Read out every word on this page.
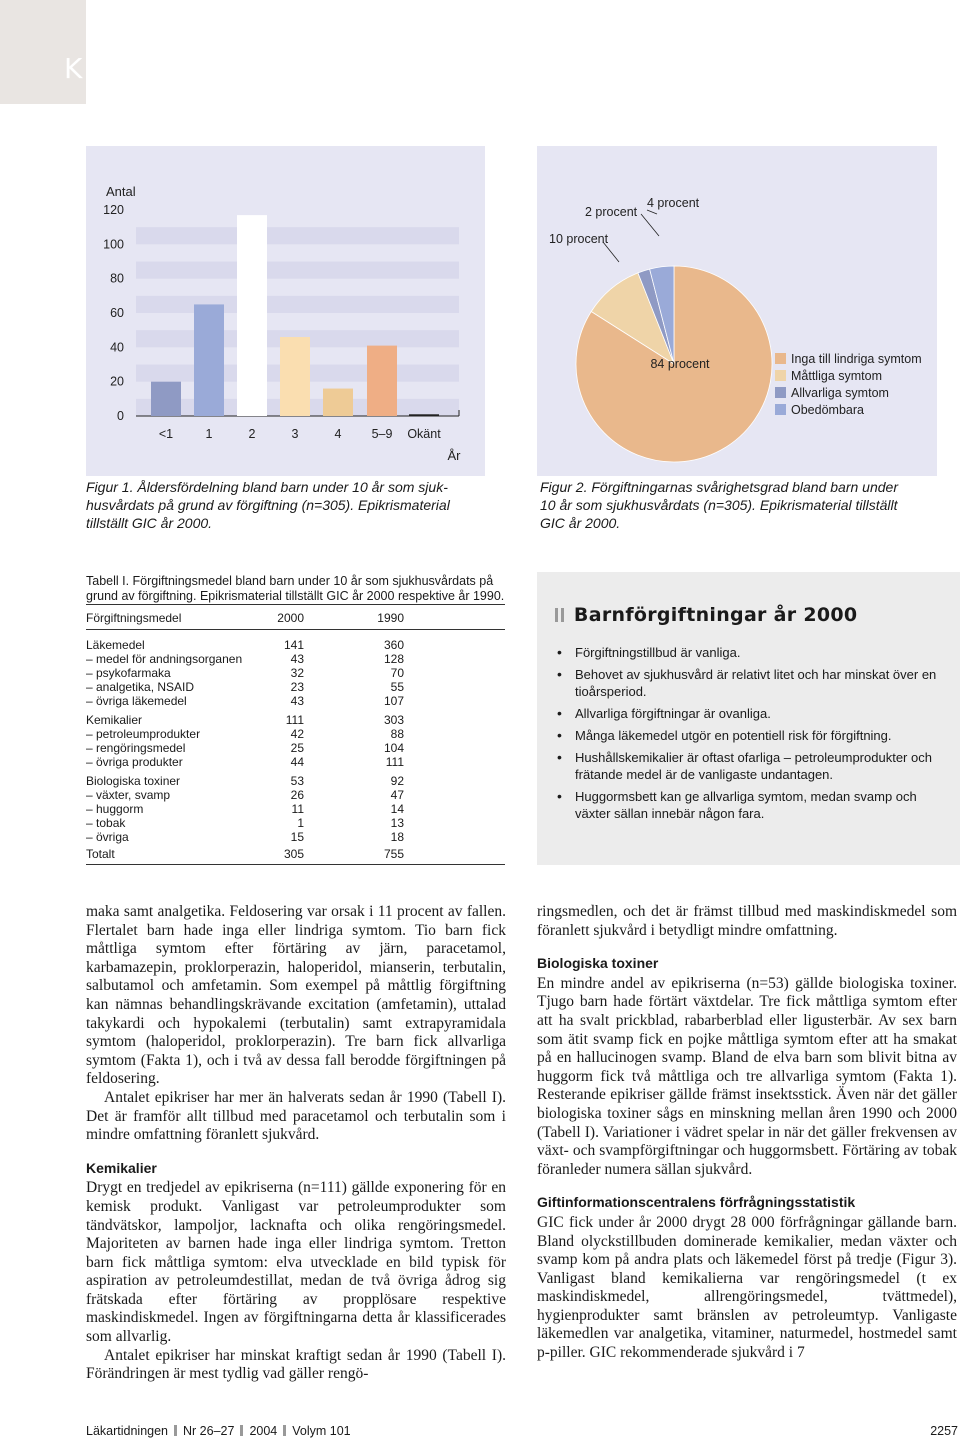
Klinik och vetenskap
Antal
0
20
40
60
80
100
120
<1	1	2	3	4 5–9 Okänt
År
Figur 1. Åldersfördelning bland barn under 10 år som sjuk-
husvårdats på grund av förgiftning (n=305). Epikrismaterial
tillställt GIC år 2000.
84 procent
10 procent
2 procent
4 procent
Inga till lindriga symtom
Måttliga symtom
Allvarliga symtom
Obedömbara
Figur 2. Förgiftningarnas svårighetsgrad bland barn under
10 år som sjukhusvårdats (n=305). Epikrismaterial tillställt
GIC år 2000.
Tabell I. Förgiftningsmedel bland barn under 10 år som sjukhusvårdats på
grund av förgiftning. Epikrismaterial tillställt GIC år 2000 respektive år 1990.
Förgiftningsmedel	2000	1990
Läkemedel	141	360
– medel för andningsorganen	43	128
– psykofarmaka	32	70
– analgetika, NSAID	23	55
– övriga läkemedel	43	107
Kemikalier	111	303
– petroleumprodukter	42	88
– rengöringsmedel	25	104
– övriga produkter	44	111
Biologiska toxiner	53	92
– växter, svamp	26	47
– huggorm	11	14
– tobak	1	13
– övriga	15	18
Totalt	305	755
Barnförgiftningar år 2000
• Förgiftningstillbud är vanliga.
• Behovet av sjukhusvård är relativt litet och har minskat över en tioårsperiod.
• Allvarliga förgiftningar är ovanliga.
• Många läkemedel utgör en potentiell risk för förgiftning.
• Hushållskemikalier är oftast ofarliga – petroleumprodukter och frätande medel är de vanligaste undantagen.
• Huggormsbett kan ge allvarliga symtom, medan svamp och växter sällan innebär någon fara.

maka samt analgetika. Feldosering var orsak i 11 procent av fallen. Flertalet barn hade inga eller lindriga symtom. Tio barn fick måttliga symtom efter förtäring av järn, paracetamol, karbamazepin, proklorperazin, haloperidol, mianserin, terbutalin, salbutamol och amfetamin. Som exempel på måttlig förgiftning kan nämnas behandlingskrävande excitation (amfetamin), uttalad takykardi och hypokalemi (terbutalin) samt extrapyramidala symtom (haloperidol, proklorperazin). Tre barn fick allvarliga symtom (Fakta 1), och i två av dessa fall berodde förgiftningen på feldosering.

Antalet epikriser har mer än halverats sedan år 1990 (Tabell I). Det är framför allt tillbud med paracetamol och terbutalin som i mindre omfattning föranlett sjukvård.

Kemikalier

Drygt en tredjedel av epikriserna (n=111) gällde exponering för en kemisk produkt. Vanligast var petroleumprodukter som tändvätskor, lampoljor, lacknafta och olika rengöringsmedel. Majoriteten av barnen hade inga eller lindriga symtom. Tretton barn fick måttliga symtom: elva utvecklade en bild typisk för aspiration av petroleumdestillat, medan de två övriga ådrog sig frätskada efter förtäring av propplösare respektive maskindiskmedel. Ingen av förgiftningarna detta år klassificerades som allvarlig.

Antalet epikriser har minskat kraftigt sedan år 1990 (Tabell I). Förändringen är mest tydlig vad gäller rengö-

ringsmedlen, och det är främst tillbud med maskindiskmedel som föranlett sjukvård i betydligt mindre omfattning.

Biologiska toxiner

En mindre andel av epikriserna (n=53) gällde biologiska toxiner. Tjugo barn hade förtärt växtdelar. Tre fick måttliga symtom efter att ha svalt prickblad, rabarberblad eller ligusterbär. Av sex barn som ätit svamp fick en pojke måttliga symtom efter att ha smakat på en hallucinogen svamp. Bland de elva barn som blivit bitna av huggorm fick två måttliga och tre allvarliga symtom (Fakta 1). Resterande epikriser gällde främst insektsstick. Även när det gäller biologiska toxiner sågs en minskning mellan åren 1990 och 2000 (Tabell I). Variationer i vädret spelar in när det gäller frekvensen av växt- och svampförgiftningar och huggormsbett. Förtäring av tobak föranleder numera sällan sjukvård.

Giftinformationscentralens förfrågningsstatistik

GIC fick under år 2000 drygt 28 000 förfrågningar gällande barn. Bland olyckstillbuden dominerade kemikalier, medan växter och svamp kom på andra plats och läkemedel först på tredje (Figur 3). Vanligast bland kemikalierna var rengöringsmedel (t ex maskindiskmedel, allrengöringsmedel, tvättmedel), hygienprodukter samt bränslen av petroleumtyp. Vanligaste läkemedlen var analgetika, vitaminer, naturmedel, hostmedel samt p-piller. GIC rekommenderade sjukvård i 7

Läkartidningen Nr 26–27 2004 Volym 101	2257
